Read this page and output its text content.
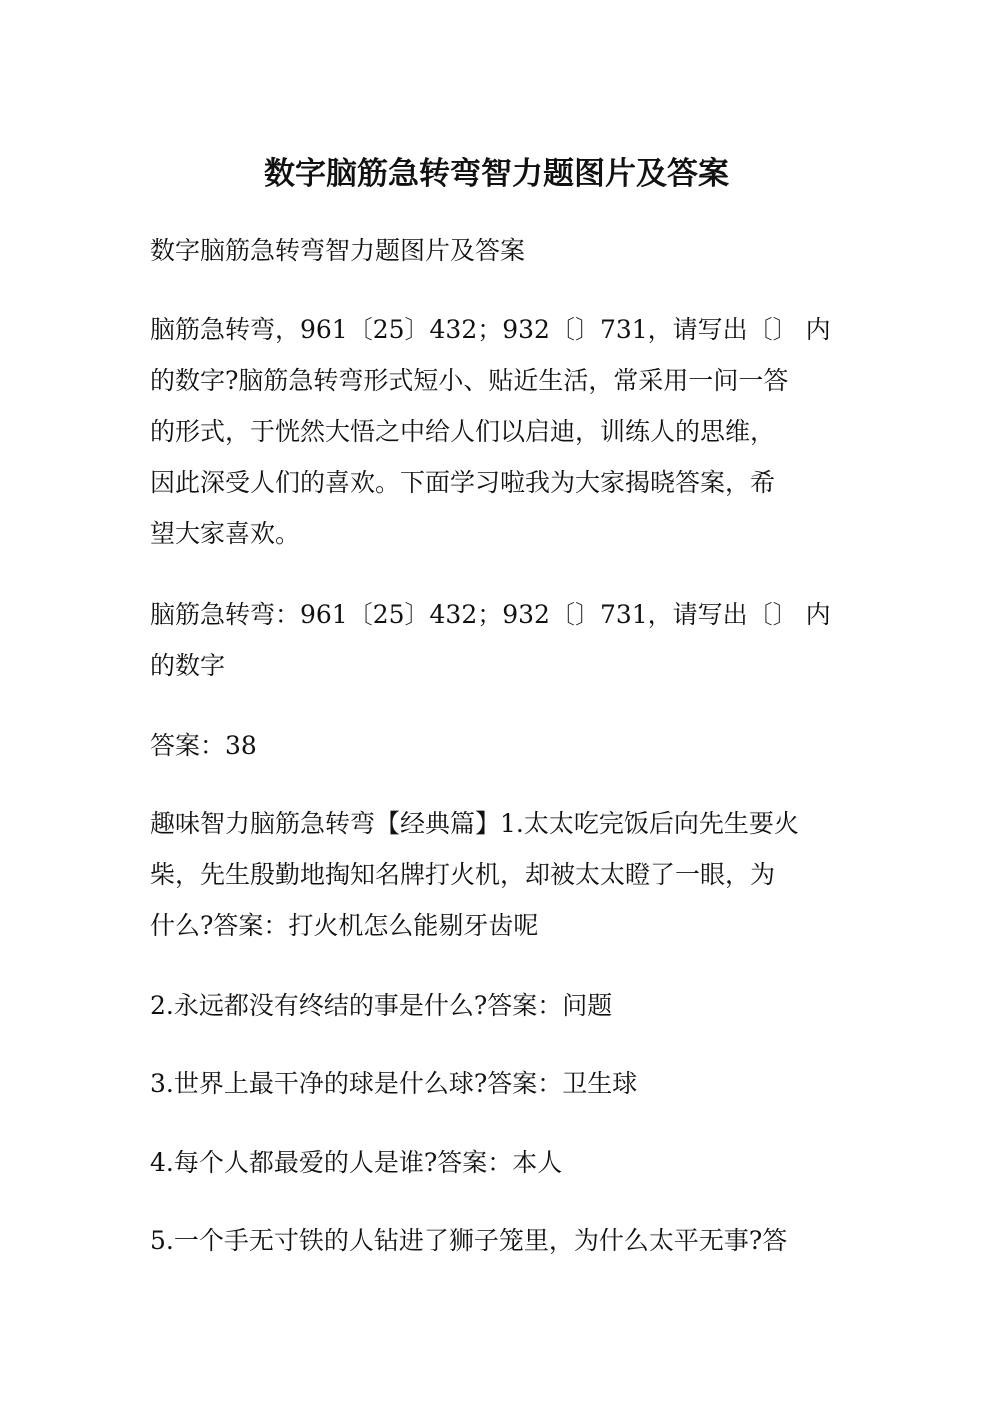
数字脑筋急转弯智力题图片及答案

数字脑筋急转弯智力题图片及答案

脑筋急转弯，961〔25〕432；932〔〕731，请写出〔〕 内
的数字?脑筋急转弯形式短小、贴近生活，常采用一问一答
的形式，于恍然大悟之中给人们以启迪，训练人的思维，
因此深受人们的喜欢。下面学习啦我为大家揭晓答案，希
望大家喜欢。

脑筋急转弯：961〔25〕432；932〔〕731，请写出〔〕 内
的数字

答案：38

趣味智力脑筋急转弯【经典篇】1.太太吃完饭后向先生要火
柴，先生殷勤地掏知名牌打火机，却被太太瞪了一眼，为
什么?答案：打火机怎么能剔牙齿呢

2.永远都没有终结的事是什么?答案：问题

3.世界上最干净的球是什么球?答案：卫生球

4.每个人都最爱的人是谁?答案：本人

5.一个手无寸铁的人钻进了狮子笼里，为什么太平无事?答
